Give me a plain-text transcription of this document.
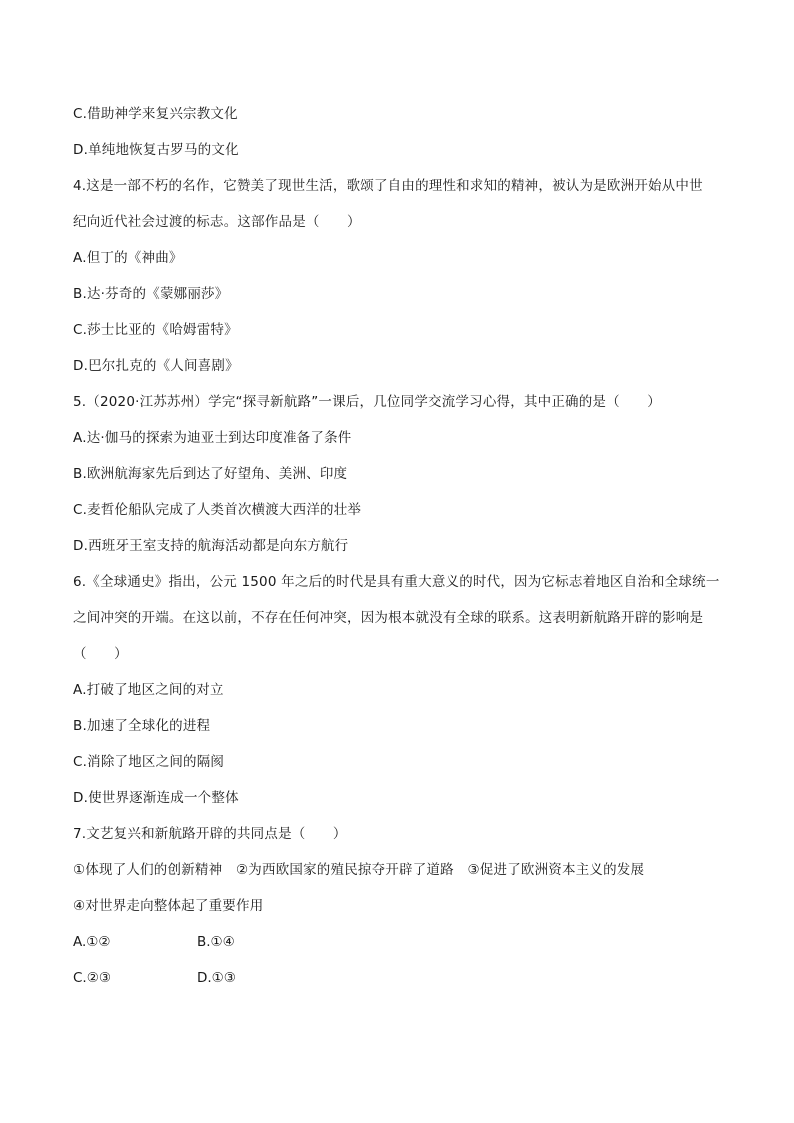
C.借助神学来复兴宗教文化
D.单纯地恢复古罗马的文化
4.这是一部不朽的名作，它赞美了现世生活，歌颂了自由的理性和求知的精神，被认为是欧洲开始从中世
纪向近代社会过渡的标志。这部作品是（　　）
A.但丁的《神曲》
B.达·芬奇的《蒙娜丽莎》
C.莎士比亚的《哈姆雷特》
D.巴尔扎克的《人间喜剧》
5.（2020·江苏苏州）学完“探寻新航路”一课后，几位同学交流学习心得，其中正确的是（　　）
A.达·伽马的探索为迪亚士到达印度准备了条件
B.欧洲航海家先后到达了好望角、美洲、印度
C.麦哲伦船队完成了人类首次横渡大西洋的壮举
D.西班牙王室支持的航海活动都是向东方航行
6.《全球通史》指出，公元 1500 年之后的时代是具有重大意义的时代，因为它标志着地区自治和全球统一
之间冲突的开端。在这以前，不存在任何冲突，因为根本就没有全球的联系。这表明新航路开辟的影响是
（　　）
A.打破了地区之间的对立
B.加速了全球化的进程
C.消除了地区之间的隔阂
D.使世界逐渐连成一个整体
7.文艺复兴和新航路开辟的共同点是（　　）
①体现了人们的创新精神　②为西欧国家的殖民掠夺开辟了道路　③促进了欧洲资本主义的发展
④对世界走向整体起了重要作用
A.①②	B.①④
C.②③	D.①③
